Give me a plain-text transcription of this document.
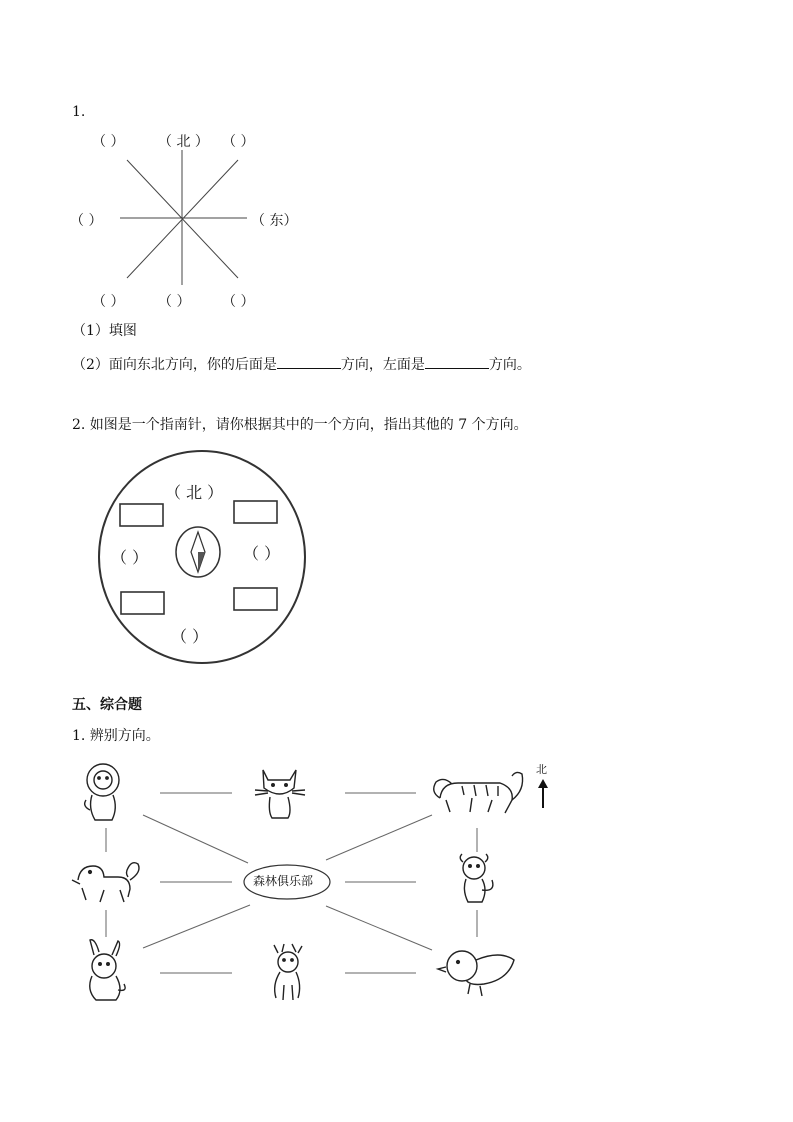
1.
（ ） （ 北 ） （ ）
（ ）	（ 东）
（ ） （ ） （ ）
（1）填图
（2）面向东北方向，你的后面是	方向，左面是	方向。
2. 如图是一个指南针，请你根据其中的一个方向，指出其他的 7 个方向。
（ 北 ）
（ ）	（ ）
（ ）
五、综合题
1. 辨别方向。
森林俱乐部
北
